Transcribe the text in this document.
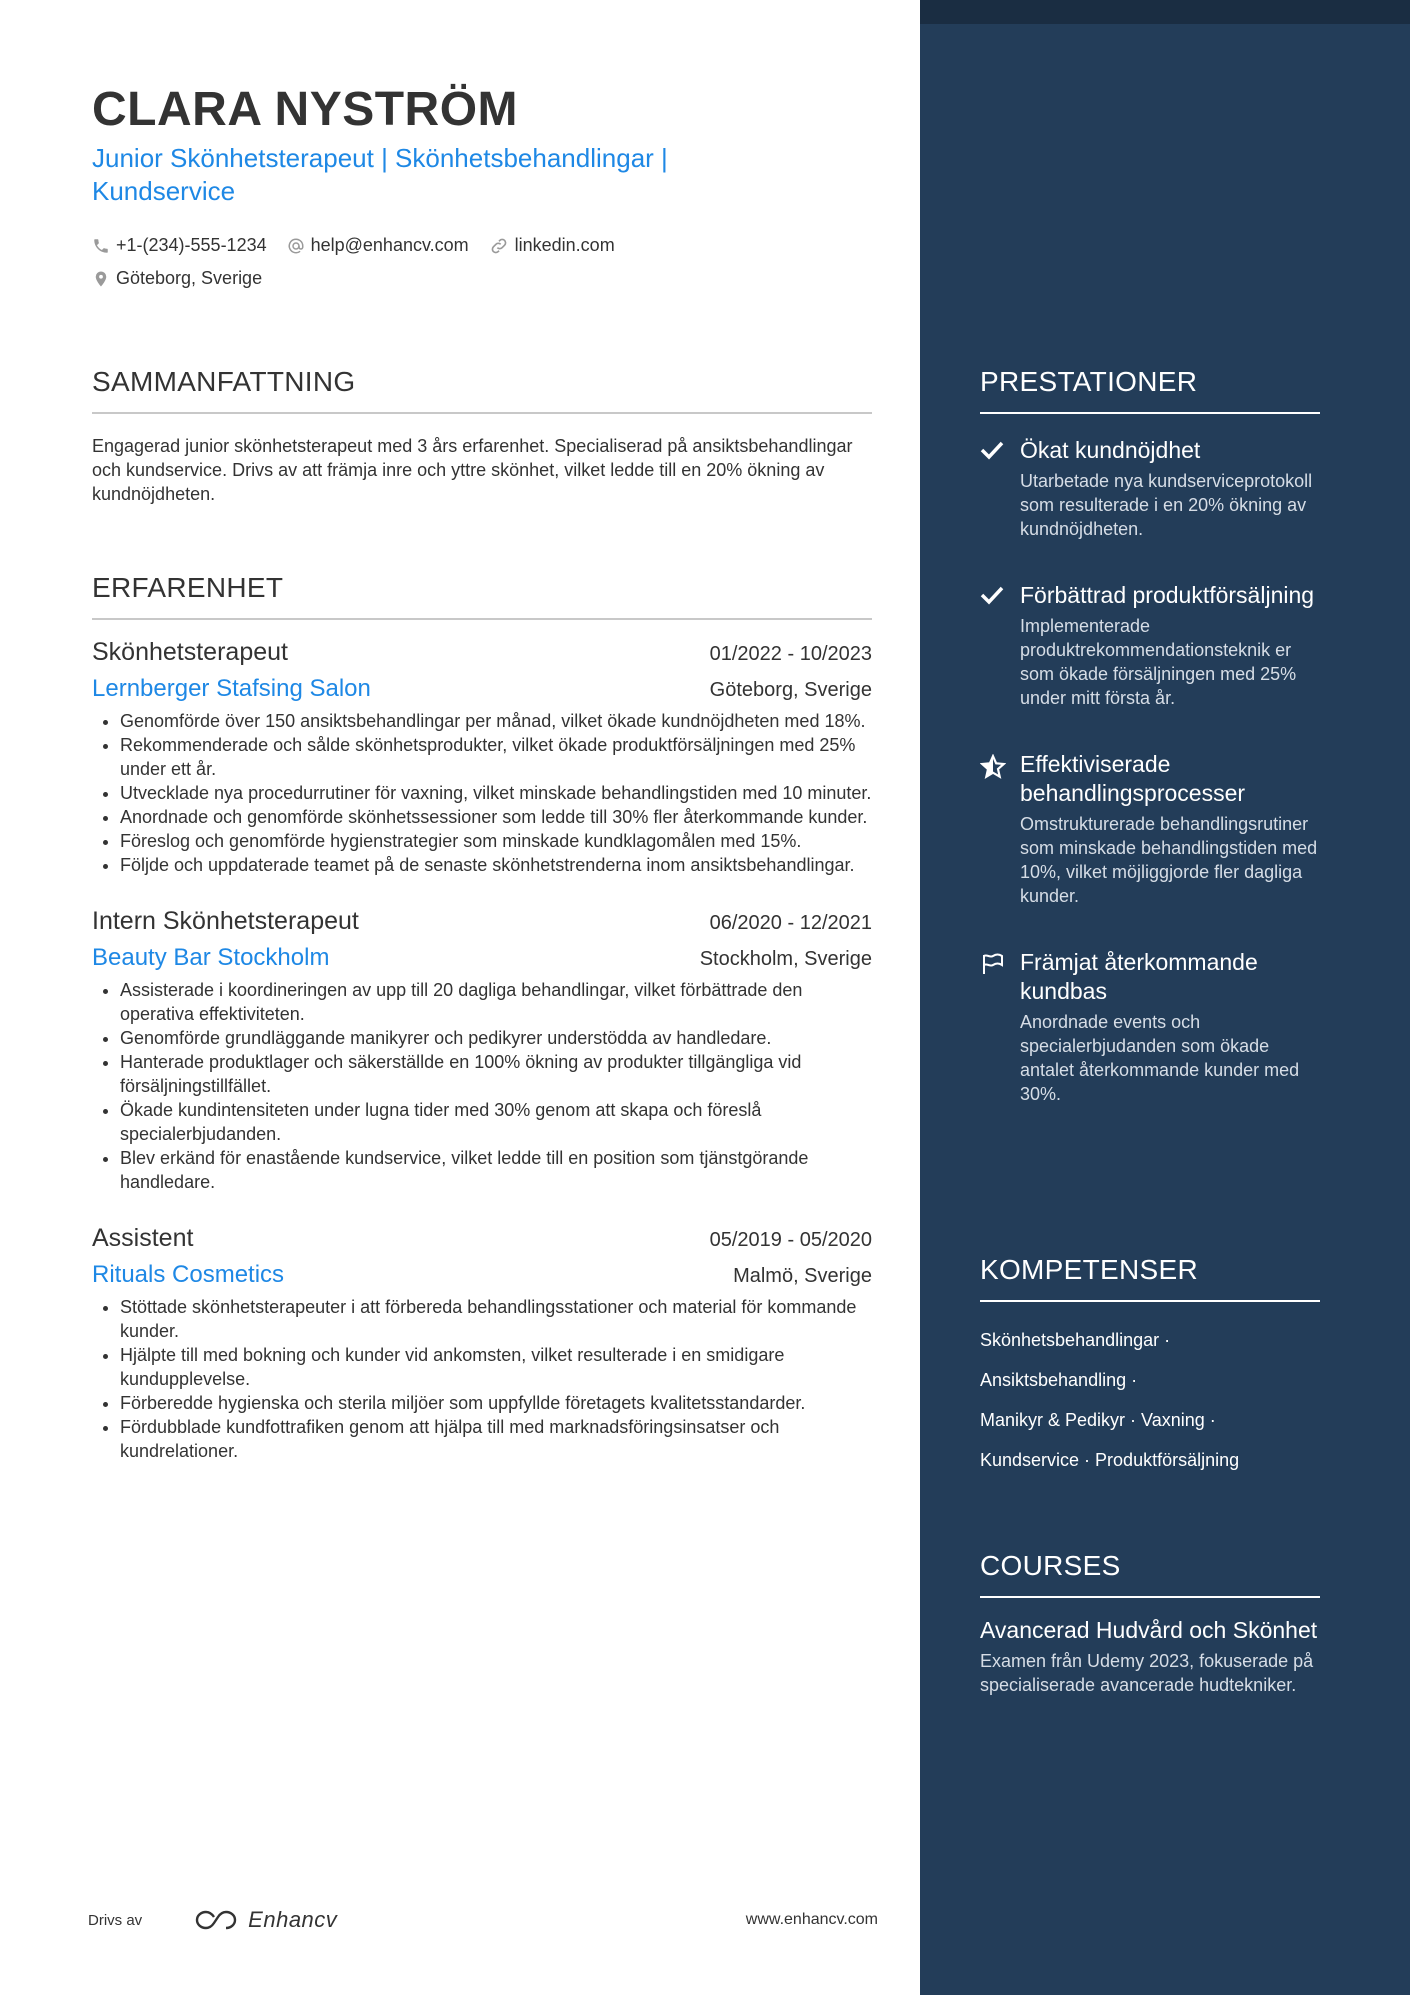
CLARA NYSTRÖM
Junior Skönhetsterapeut | Skönhetsbehandlingar | Kundservice
+1-(234)-555-1234 help@enhancv.com	linkedin.com
Göteborg, Sverige
SAMMANFATTNING
Engagerad junior skönhetsterapeut med 3 års erfarenhet. Specialiserad på ansiktsbehandlingar och kundservice. Drivs av att främja inre och yttre skönhet, vilket ledde till en 20% ökning av kundnöjdheten.
ERFARENHET
Skönhetsterapeut	01/2022 - 10/2023
Lernberger Stafsing Salon	Göteborg, Sverige
• Genomförde över 150 ansiktsbehandlingar per månad, vilket ökade kundnöjdheten med 18%.
• Rekommenderade och sålde skönhetsprodukter, vilket ökade produktförsäljningen med 25% under ett år.
• Utvecklade nya procedurrutiner för vaxning, vilket minskade behandlingstiden med 10 minuter.
• Anordnade och genomförde skönhetssessioner som ledde till 30% fler återkommande kunder.
• Föreslog och genomförde hygienstrategier som minskade kundklagomålen med 15%.
• Följde och uppdaterade teamet på de senaste skönhetstrenderna inom ansiktsbehandlingar.
Intern Skönhetsterapeut	06/2020 - 12/2021
Beauty Bar Stockholm	Stockholm, Sverige
• Assisterade i koordineringen av upp till 20 dagliga behandlingar, vilket förbättrade den operativa effektiviteten.
• Genomförde grundläggande manikyrer och pedikyrer understödda av handledare.
• Hanterade produktlager och säkerställde en 100% ökning av produkter tillgängliga vid försäljningstillfället.
• Ökade kundintensiteten under lugna tider med 30% genom att skapa och föreslå specialerbjudanden.
• Blev erkänd för enastående kundservice, vilket ledde till en position som tjänstgörande handledare.
Assistent	05/2019 - 05/2020
Rituals Cosmetics	Malmö, Sverige
• Stöttade skönhetsterapeuter i att förbereda behandlingsstationer och material för kommande kunder.
• Hjälpte till med bokning och kunder vid ankomsten, vilket resulterade i en smidigare kundupplevelse.
• Förberedde hygienska och sterila miljöer som uppfyllde företagets kvalitetsstandarder.
• Fördubblade kundfottrafiken genom att hjälpa till med marknadsföringsinsatser och kundrelationer.
Drivs av	Enhancv	www.enhancv.com
PRESTATIONER
Ökat kundnöjdhet
Utarbetade nya kundserviceprotokoll som resulterade i en 20% ökning av kundnöjdheten.
Förbättrad produktförsäljning
Implementerade produktrekommendationsteknik er som ökade försäljningen med 25% under mitt första år.
Effektiviserade behandlingsprocesser
Omstrukturerade behandlingsrutiner som minskade behandlingstiden med 10%, vilket möjliggjorde fler dagliga kunder.
Främjat återkommande kundbas
Anordnade events och specialerbjudanden som ökade antalet återkommande kunder med 30%.
KOMPETENSER
Skönhetsbehandlingar ·
Ansiktsbehandling ·
Manikyr & Pedikyr · Vaxning ·
Kundservice · Produktförsäljning
COURSES
Avancerad Hudvård och Skönhet
Examen från Udemy 2023, fokuserade på specialiserade avancerade hudtekniker.
